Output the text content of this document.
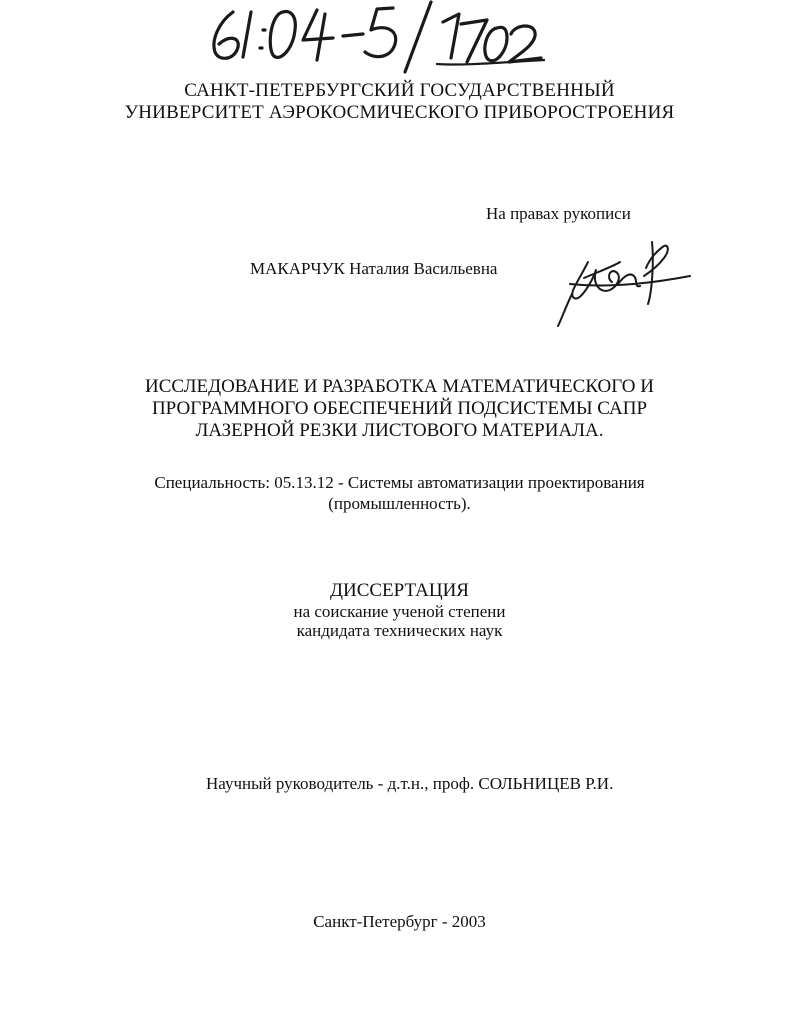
САНКТ-ПЕТЕРБУРГСКИЙ ГОСУДАРСТВЕННЫЙ
УНИВЕРСИТЕТ АЭРОКОСМИЧЕСКОГО ПРИБОРОСТРОЕНИЯ
На правах рукописи
МАКАРЧУК Наталия Васильевна
ИССЛЕДОВАНИЕ И РАЗРАБОТКА МАТЕМАТИЧЕСКОГО И
ПРОГРАММНОГО ОБЕСПЕЧЕНИЙ ПОДСИСТЕМЫ САПР
ЛАЗЕРНОЙ РЕЗКИ ЛИСТОВОГО МАТЕРИАЛА.
Специальность: 05.13.12 - Системы автоматизации проектирования
(промышленность).
ДИССЕРТАЦИЯ
на соискание ученой степени
кандидата технических наук
Научный руководитель - д.т.н., проф. СОЛЬНИЦЕВ Р.И.
Санкт-Петербург - 2003
